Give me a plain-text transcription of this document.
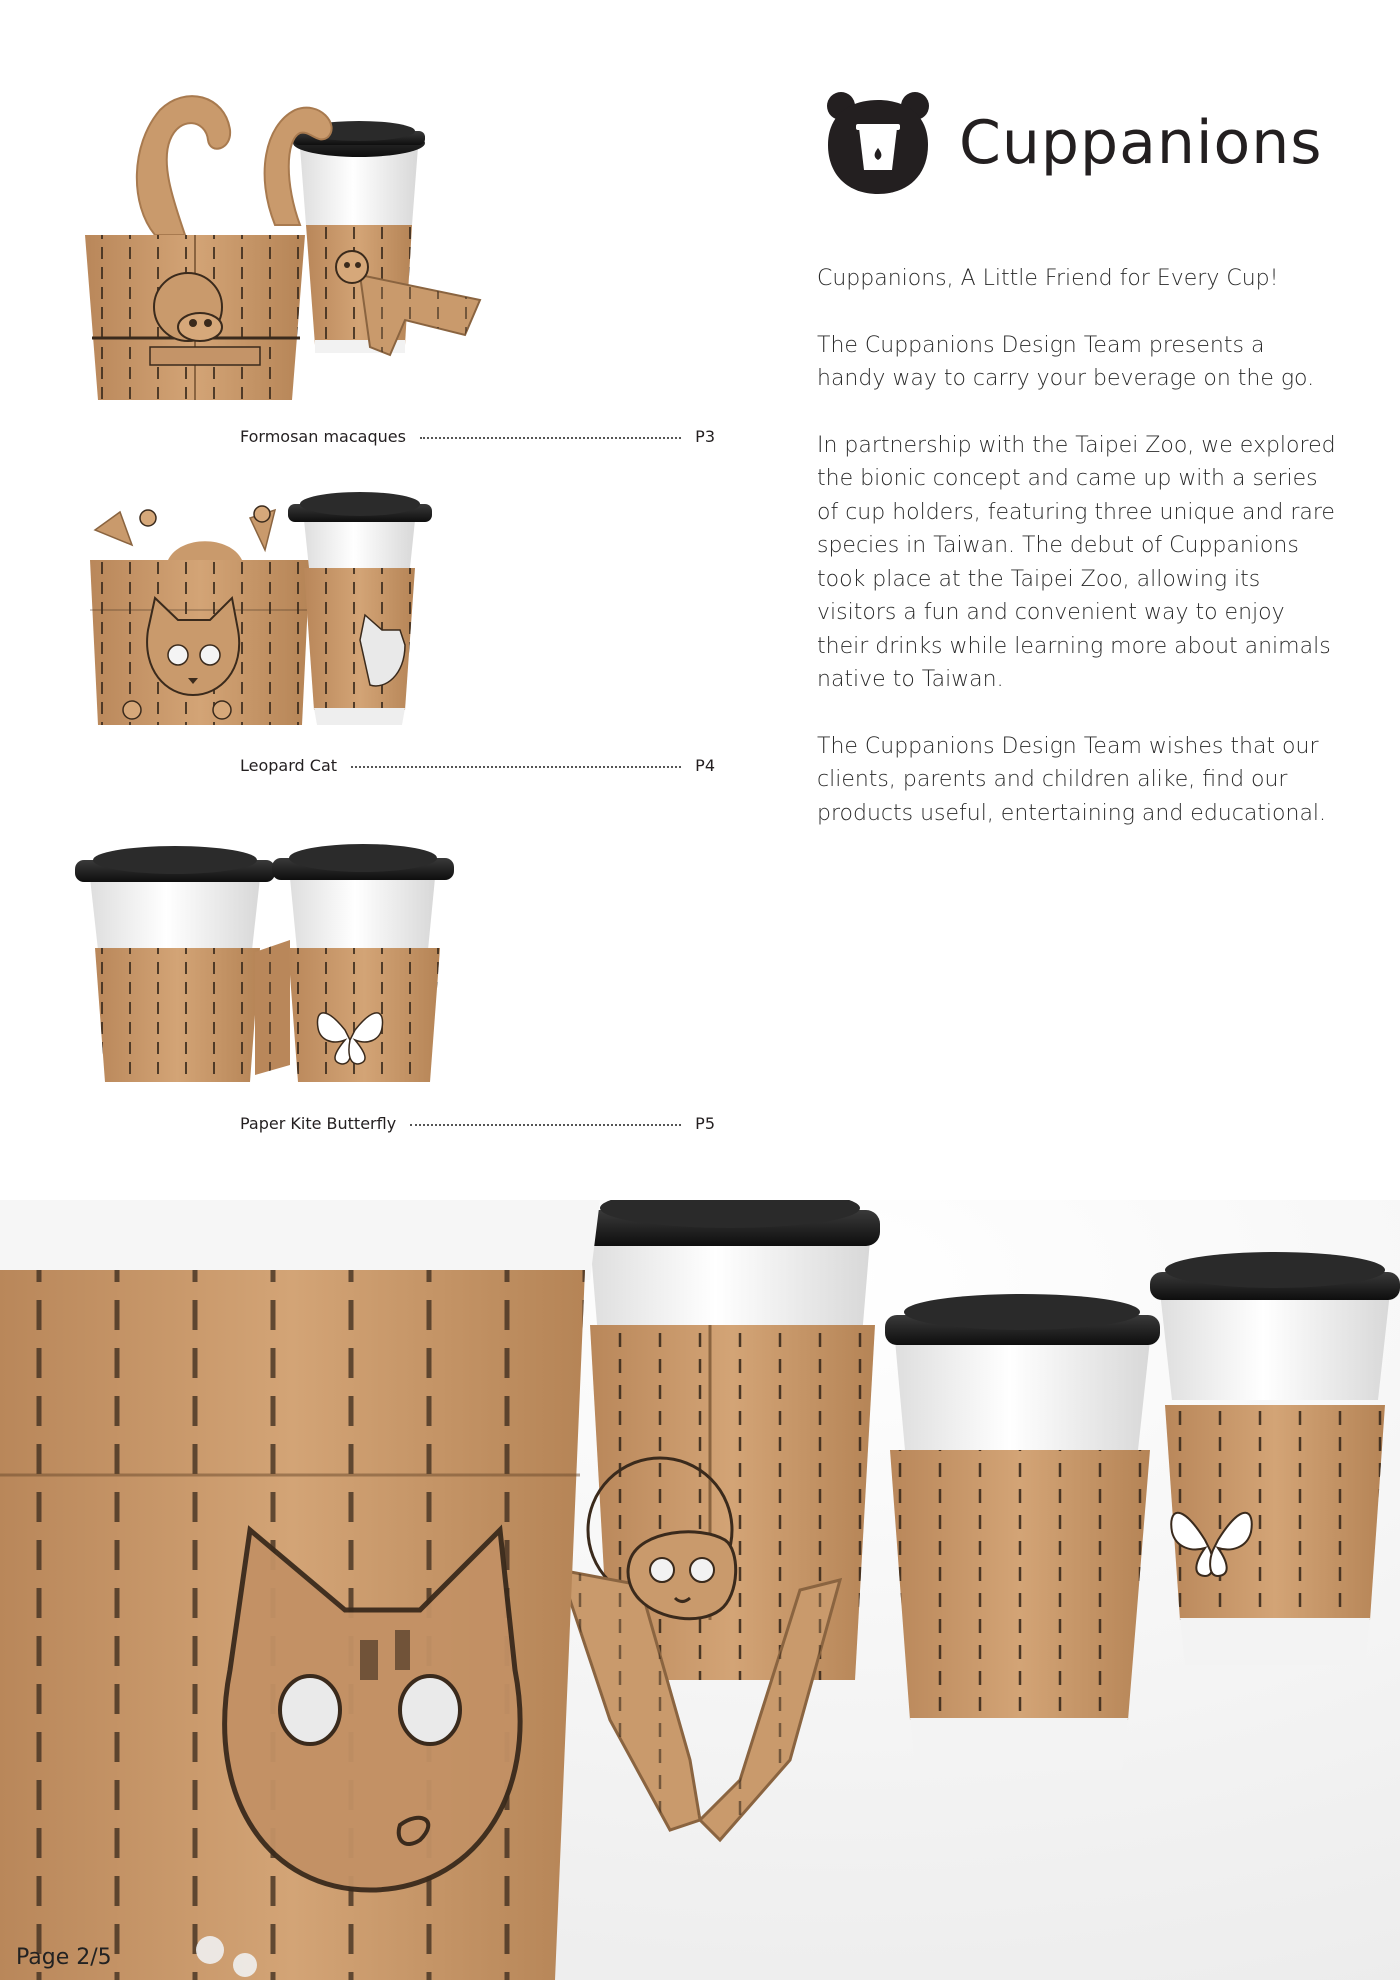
Formosan macaques	P3
Leopard Cat	P4
Paper Kite Butterfly	P5
Cuppanions

Cuppanions, A Little Friend for Every Cup!

The Cuppanions Design Team presents a handy way to carry your beverage on the go.

In partnership with the Taipei Zoo, we explored the bionic concept and came up with a series of cup holders, featuring three unique and rare species in Taiwan. The debut of Cuppanions took place at the Taipei Zoo, allowing its visitors a fun and convenient way to enjoy their drinks while learning more about animals native to Taiwan.

The Cuppanions Design Team wishes that our clients, parents and children alike, find our products useful, entertaining and educational.

Page 2/5
